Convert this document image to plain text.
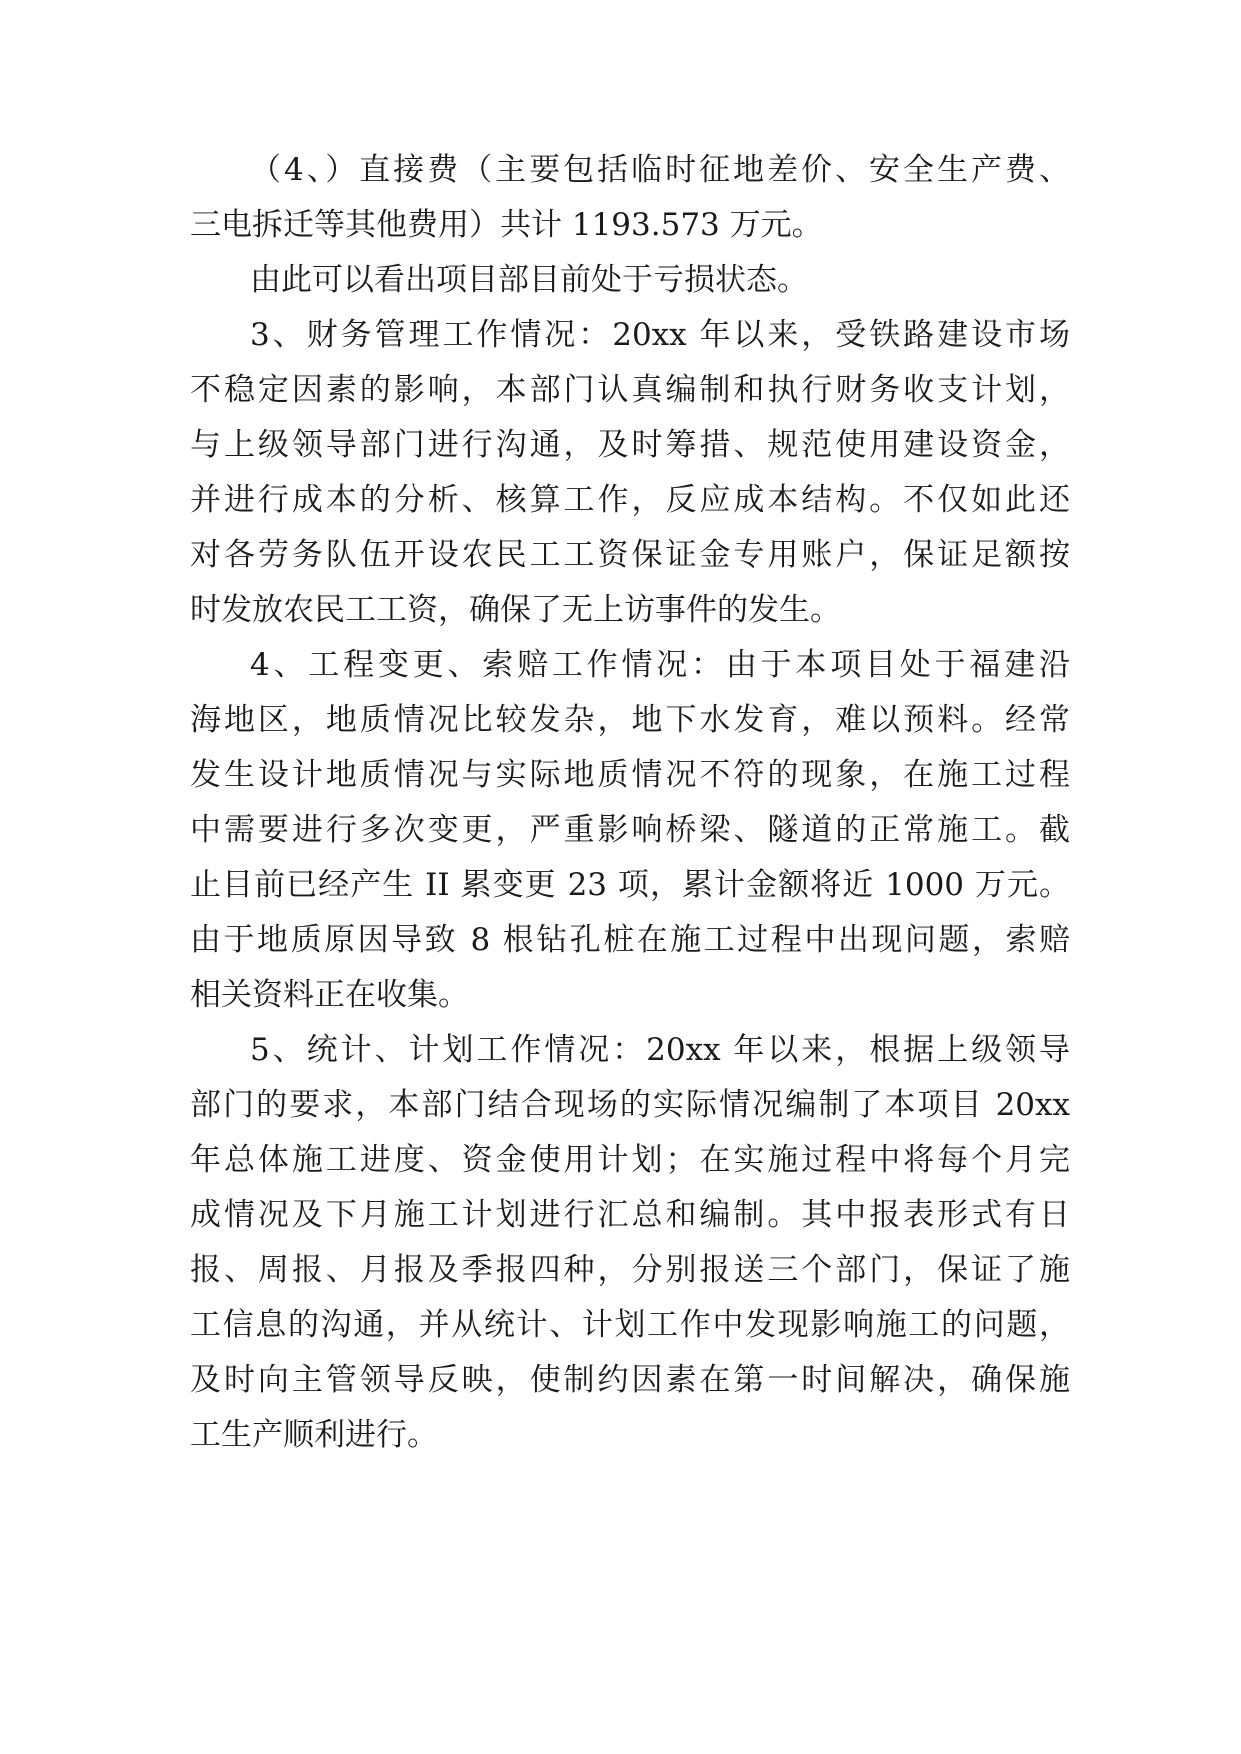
（4、）直接费（主要包括临时征地差价、安全生产费、
三电拆迁等其他费用）共计 1193.573 万元。
由此可以看出项目部目前处于亏损状态。
3、财务管理工作情况：20xx 年以来，受铁路建设市场
不稳定因素的影响，本部门认真编制和执行财务收支计划，
与上级领导部门进行沟通，及时筹措、规范使用建设资金，
并进行成本的分析、核算工作，反应成本结构。不仅如此还
对各劳务队伍开设农民工工资保证金专用账户，保证足额按
时发放农民工工资，确保了无上访事件的发生。
4、工程变更、索赔工作情况：由于本项目处于福建沿
海地区，地质情况比较发杂，地下水发育，难以预料。经常
发生设计地质情况与实际地质情况不符的现象，在施工过程
中需要进行多次变更，严重影响桥梁、隧道的正常施工。截
止目前已经产生 II 累变更 23 项，累计金额将近 1000 万元。
由于地质原因导致 8 根钻孔桩在施工过程中出现问题，索赔
相关资料正在收集。
5、统计、计划工作情况：20xx 年以来，根据上级领导
部门的要求，本部门结合现场的实际情况编制了本项目 20xx
年总体施工进度、资金使用计划；在实施过程中将每个月完
成情况及下月施工计划进行汇总和编制。其中报表形式有日
报、周报、月报及季报四种，分别报送三个部门，保证了施
工信息的沟通，并从统计、计划工作中发现影响施工的问题，
及时向主管领导反映，使制约因素在第一时间解决，确保施
工生产顺利进行。
